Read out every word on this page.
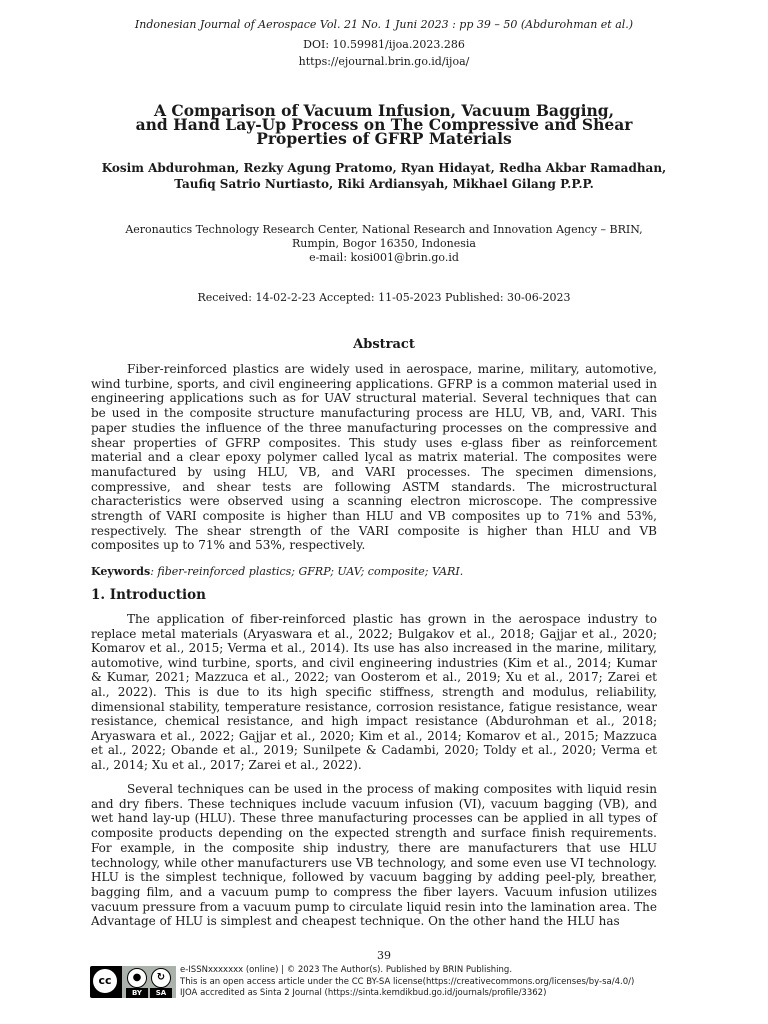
Indonesian Journal of Aerospace Vol. 21 No. 1 Juni 2023 : pp 39 – 50 (Abdurohman et al.)
DOI: 10.59981/ijoa.2023.286
https://ejournal.brin.go.id/ijoa/
A Comparison of Vacuum Infusion, Vacuum Bagging,
and Hand Lay-Up Process on The Compressive and Shear
Properties of GFRP Materials
Kosim Abdurohman, Rezky Agung Pratomo, Ryan Hidayat, Redha Akbar Ramadhan,
Taufiq Satrio Nurtiasto, Riki Ardiansyah, Mikhael Gilang P.P.P.
Aeronautics Technology Research Center, National Research and Innovation Agency – BRIN,
Rumpin, Bogor 16350, Indonesia
e-mail: kosi001@brin.go.id
Received: 14-02-2-23 Accepted: 11-05-2023 Published: 30-06-2023
Abstract

Fiber-reinforced plastics are widely used in aerospace, marine, military, automotive, wind turbine, sports, and civil engineering applications. GFRP is a common material used in engineering applications such as for UAV structural material. Several techniques that can be used in the composite structure manufacturing process are HLU, VB, and, VARI. This paper studies the influence of the three manufacturing processes on the compressive and shear properties of GFRP composites. This study uses e-glass fiber as reinforcement material and a clear epoxy polymer called lycal as matrix material. The composites were manufactured by using HLU, VB, and VARI processes. The specimen dimensions, compressive, and shear tests are following ASTM standards. The microstructural characteristics were observed using a scanning electron microscope. The compressive strength of VARI composite is higher than HLU and VB composites up to 71% and 53%, respectively. The shear strength of the VARI composite is higher than HLU and VB composites up to 71% and 53%, respectively.

Keywords: fiber-reinforced plastics; GFRP; UAV; composite; VARI.
1. Introduction

The application of fiber-reinforced plastic has grown in the aerospace industry to replace metal materials (Aryaswara et al., 2022; Bulgakov et al., 2018; Gajjar et al., 2020; Komarov et al., 2015; Verma et al., 2014). Its use has also increased in the marine, military, automotive, wind turbine, sports, and civil engineering industries (Kim et al., 2014; Kumar & Kumar, 2021; Mazzuca et al., 2022; van Oosterom et al., 2019; Xu et al., 2017; Zarei et al., 2022). This is due to its high specific stiffness, strength and modulus, reliability, dimensional stability, temperature resistance, corrosion resistance, fatigue resistance, wear resistance, chemical resistance, and high impact resistance (Abdurohman et al., 2018; Aryaswara et al., 2022; Gajjar et al., 2020; Kim et al., 2014; Komarov et al., 2015; Mazzuca et al., 2022; Obande et al., 2019; Sunilpete & Cadambi, 2020; Toldy et al., 2020; Verma et al., 2014; Xu et al., 2017; Zarei et al., 2022).

Several techniques can be used in the process of making composites with liquid resin and dry fibers. These techniques include vacuum infusion (VI), vacuum bagging (VB), and wet hand lay-up (HLU). These three manufacturing processes can be applied in all types of composite products depending on the expected strength and surface finish requirements. For example, in the composite ship industry, there are manufacturers that use HLU technology, while other manufacturers use VB technology, and some even use VI technology. HLU is the simplest technique, followed by vacuum bagging by adding peel-ply, breather, bagging film, and a vacuum pump to compress the fiber layers. Vacuum infusion utilizes vacuum pressure from a vacuum pump to circulate liquid resin into the lamination area. The Advantage of HLU is simplest and cheapest technique. On the other hand the HLU has

39
cc	●	↻
BY	SA
e-ISSNxxxxxxx (online) | © 2023 The Author(s). Published by BRIN Publishing.
This is an open access article under the CC BY-SA license(https://creativecommons.org/licenses/by-sa/4.0/)
IJOA accredited as Sinta 2 Journal (https://sinta.kemdikbud.go.id/journals/profile/3362)
